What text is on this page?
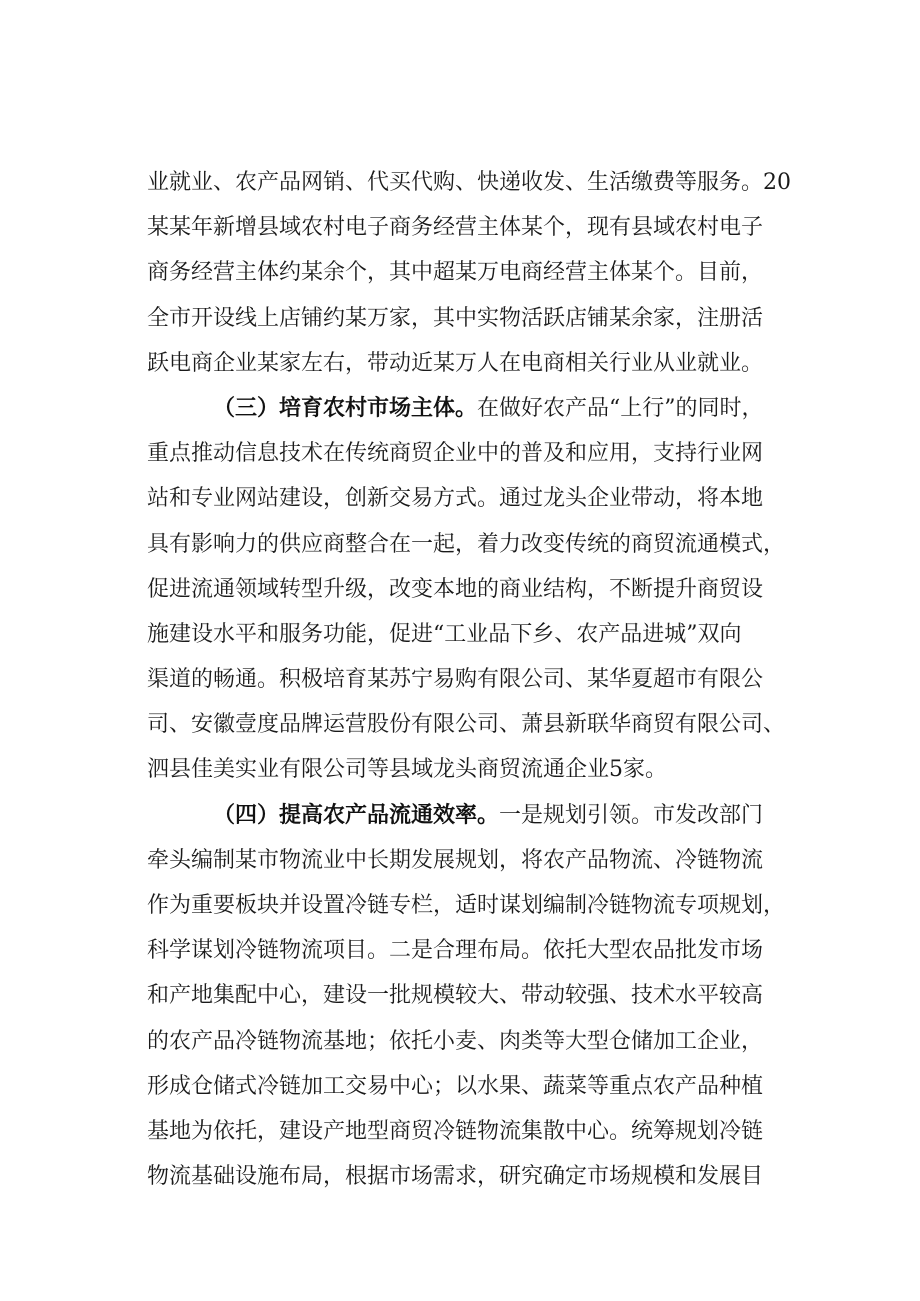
业就业、农产品网销、代买代购、快递收发、生活缴费等服务。20
某某年新增县域农村电子商务经营主体某个，现有县域农村电子
商务经营主体约某余个，其中超某万电商经营主体某个。目前，
全市开设线上店铺约某万家，其中实物活跃店铺某余家，注册活
跃电商企业某家左右，带动近某万人在电商相关行业从业就业。
（三）培育农村市场主体。在做好农产品“上行”的同时，
重点推动信息技术在传统商贸企业中的普及和应用，支持行业网
站和专业网站建设，创新交易方式。通过龙头企业带动，将本地
具有影响力的供应商整合在一起，着力改变传统的商贸流通模式，
促进流通领域转型升级，改变本地的商业结构，不断提升商贸设
施建设水平和服务功能，促进“工业品下乡、农产品进城”双向
渠道的畅通。积极培育某苏宁易购有限公司、某华夏超市有限公
司、安徽壹度品牌运营股份有限公司、萧县新联华商贸有限公司、
泗县佳美实业有限公司等县域龙头商贸流通企业5家。
（四）提高农产品流通效率。一是规划引领。市发改部门
牵头编制某市物流业中长期发展规划，将农产品物流、冷链物流
作为重要板块并设置冷链专栏，适时谋划编制冷链物流专项规划，
科学谋划冷链物流项目。二是合理布局。依托大型农品批发市场
和产地集配中心，建设一批规模较大、带动较强、技术水平较高
的农产品冷链物流基地；依托小麦、肉类等大型仓储加工企业，
形成仓储式冷链加工交易中心；以水果、蔬菜等重点农产品种植
基地为依托，建设产地型商贸冷链物流集散中心。统筹规划冷链
物流基础设施布局，根据市场需求，研究确定市场规模和发展目
